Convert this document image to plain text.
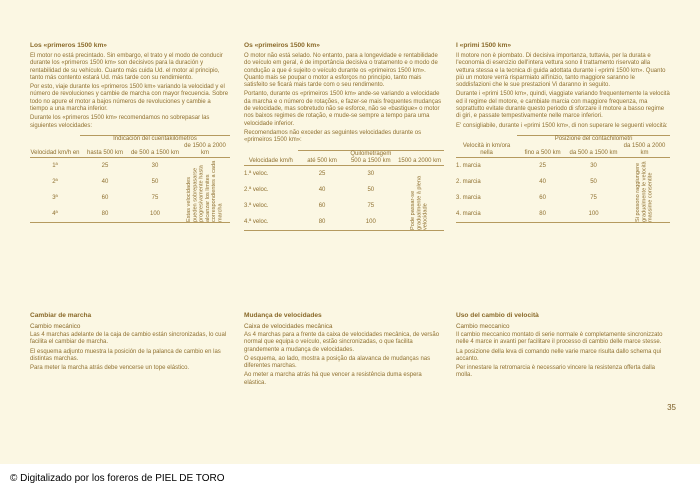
Los «primeros 1500 km»
El motor no está precintado. Sin embargo, el trato y el modo de conducir durante los «primeros 1500 km» son decisivos para la duración y rentabilidad de su vehículo. Cuanto más cuida Ud. el motor al principio, tanto más contento estará Ud. más tarde con su rendimiento.
Por esto, viaje durante los «primeros 1500 km» variando la velocidad y el número de revoluciones y cambie de marcha con mayor frecuencia. Sobre todo no apure el motor a bajos números de revoluciones y cambie a tiempo a una marcha inferior.
Durante los «primeros 1500 km» recomendamos no sobrepasar las siguientes velocidades:
Velocidad km/h en	Indicación del cuentakilómetros		
	hasta 500 km	de 500 a 1500 km	de 1500 a 2000 km
1ª	25	30	Estas velocidades pueden sobrepasarse progresivamente hasta alcanzar los límites correspondientes a cada marcha

2ª	40	50	
3ª	60	75	
4ª	80	100	
Cambiar de marcha
Cambio mecánico
Las 4 marchas adelante de la caja de cambio están sincronizadas, lo cual facilita el cambiar de marcha.
El esquema adjunto muestra la posición de la palanca de cambio en las distintas marchas.
Para meter la marcha atrás debe vencerse un tope elástico.
Os «primeiros 1500 km»
O motor não está selado. No entanto, para a longevidade e rentabilidade do veículo em geral, é de importância decisiva o tratamento e o modo de condução a que é sujeito o veículo durante os «primeiros 1500 km». Quanto mais se poupar o motor a esforços no princípio, tanto mais satisfeito se ficará mais tarde com o seu rendimento.
Portanto, durante os «primeiros 1500 km» ande-se variando a velocidade da marcha e o número de rotações, e fazer-se mais frequentes mudanças de velocidade, mas sobretudo não se esforce, não se «bastigue» o motor nos baixos regimes de rotação, e mude-se sempre a tempo para uma velocidade inferior.
Recomendamos não exceder as seguintes velocidades durante os «primeiros 1500 km»:
Velocidade km/h	Quilometragem		
	até 500 km	500 a 1500 km	1500 a 2000 km
1.ª veloc.	25	30	Pode passar-se gradualmente à plena velocidade

2.ª veloc.	40	50	
3.ª veloc.	60	75	
4.ª veloc.	80	100	
Mudança de velocidades
Caixa de velocidades mecânica
As 4 marchas para a frente da caixa de velocidades mecânica, de versão normal que equipa o veículo, estão sincronizadas, o que facilita grandemente a mudança de velocidades.
O esquema, ao lado, mostra a posição da alavanca de mudanças nas diferentes marchas.
Ao meter a marcha atrás há que vencer a resistência duma espera elástica.
I «primi 1500 km»
Il motore non è piombato. Di decisiva importanza, tuttavia, per la durata e l'economia di esercizio dell'intera vettura sono il trattamento riservato alla vettura stessa e la tecnica di guida adottata durante i «primi 1500 km». Quanto più un motore verrà risparmiato all'inizio, tanto maggiore saranno le soddisfazioni che le sue prestazioni Vi daranno in seguito.
Durante i «primi 1500 km», quindi, viaggiate variando frequentemente la velocità ed il regime del motore, e cambiate marcia con maggiore frequenza, ma soprattutto evitate durante questo periodo di sforzare il motore a basso regime di giri, e passate tempestivamente nelle marce inferiori.
E' consigliabile, durante i «primi 1500 km», di non superare le seguenti velocità:
Velocità in km/ora nella	Posizione del contachilometri		
	fino a 500 km	da 500 a 1500 km	da 1500 a 2000 km
1. marcia	25	30	Si possono raggiungere gradualmente le velocità massime consentite

2. marcia	40	50	
3. marcia	60	75	
4. marcia	80	100	
Uso del cambio di velocità
Cambio meccanico
Il cambio meccanico montato di serie normale è completamente sincronizzato nelle 4 marce in avanti per facilitare il processo di cambio delle marce stesse.
La posizione della leva di comando nelle varie marce risulta dallo schema qui accanto.
Per innestare la retromarcia è necessario vincere la resistenza offerta dalla molla.
35
© Digitalizado por los foreros de PIEL DE TORO
